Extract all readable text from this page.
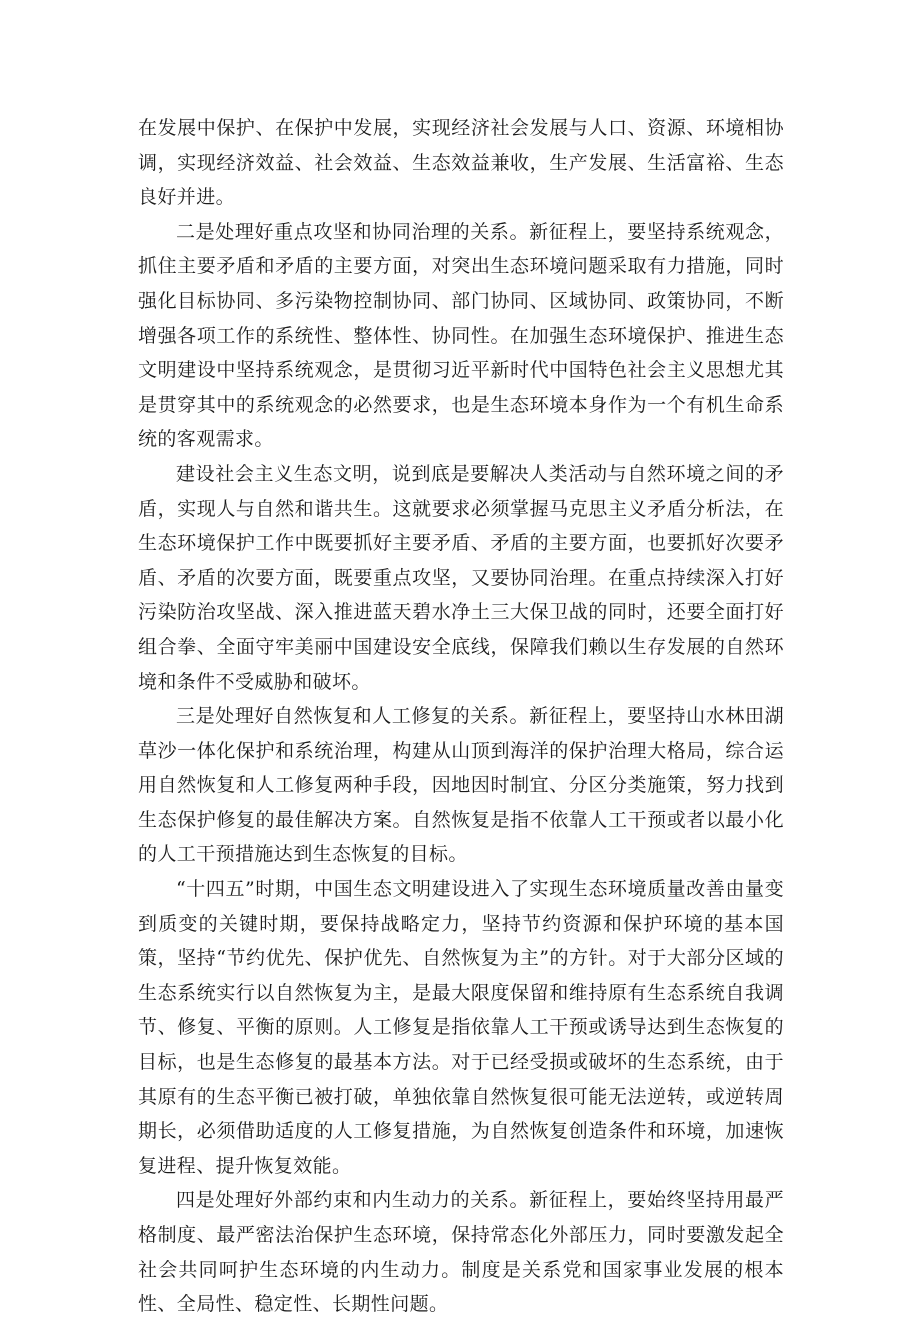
在发展中保护、在保护中发展，实现经济社会发展与人口、资源、环境相协调，实现经济效益、社会效益、生态效益兼收，生产发展、生活富裕、生态良好并进。

二是处理好重点攻坚和协同治理的关系。新征程上，要坚持系统观念，抓住主要矛盾和矛盾的主要方面，对突出生态环境问题采取有力措施，同时强化目标协同、多污染物控制协同、部门协同、区域协同、政策协同，不断增强各项工作的系统性、整体性、协同性。在加强生态环境保护、推进生态文明建设中坚持系统观念，是贯彻习近平新时代中国特色社会主义思想尤其是贯穿其中的系统观念的必然要求，也是生态环境本身作为一个有机生命系统的客观需求。

建设社会主义生态文明，说到底是要解决人类活动与自然环境之间的矛盾，实现人与自然和谐共生。这就要求必须掌握马克思主义矛盾分析法，在生态环境保护工作中既要抓好主要矛盾、矛盾的主要方面，也要抓好次要矛盾、矛盾的次要方面，既要重点攻坚，又要协同治理。在重点持续深入打好污染防治攻坚战、深入推进蓝天碧水净土三大保卫战的同时，还要全面打好组合拳、全面守牢美丽中国建设安全底线，保障我们赖以生存发展的自然环境和条件不受威胁和破坏。

三是处理好自然恢复和人工修复的关系。新征程上，要坚持山水林田湖草沙一体化保护和系统治理，构建从山顶到海洋的保护治理大格局，综合运用自然恢复和人工修复两种手段，因地因时制宜、分区分类施策，努力找到生态保护修复的最佳解决方案。自然恢复是指不依靠人工干预或者以最小化的人工干预措施达到生态恢复的目标。

“十四五”时期，中国生态文明建设进入了实现生态环境质量改善由量变到质变的关键时期，要保持战略定力，坚持节约资源和保护环境的基本国策，坚持“节约优先、保护优先、自然恢复为主”的方针。对于大部分区域的生态系统实行以自然恢复为主，是最大限度保留和维持原有生态系统自我调节、修复、平衡的原则。人工修复是指依靠人工干预或诱导达到生态恢复的目标，也是生态修复的最基本方法。对于已经受损或破坏的生态系统，由于其原有的生态平衡已被打破，单独依靠自然恢复很可能无法逆转，或逆转周期长，必须借助适度的人工修复措施，为自然恢复创造条件和环境，加速恢复进程、提升恢复效能。

四是处理好外部约束和内生动力的关系。新征程上，要始终坚持用最严格制度、最严密法治保护生态环境，保持常态化外部压力，同时要激发起全社会共同呵护生态环境的内生动力。制度是关系党和国家事业发展的根本性、全局性、稳定性、长期性问题。
